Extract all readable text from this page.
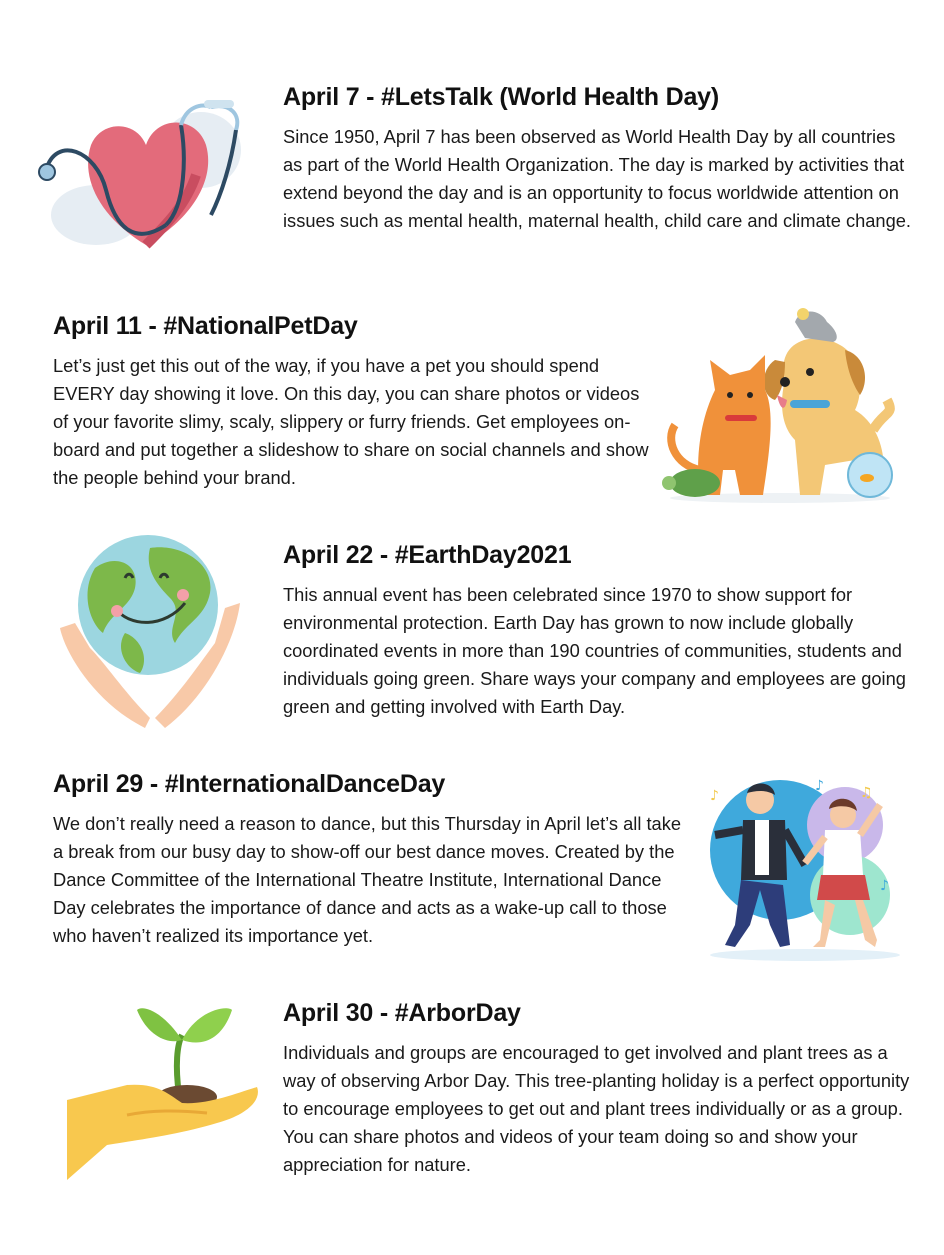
April 7 - #LetsTalk (World Health Day)

Since 1950, April 7 has been observed as World Health Day by all countries as part of the World Health Organization. The day is marked by activities that extend beyond the day and is an opportunity to focus worldwide attention on issues such as mental health, maternal health, child care and climate change.

April 11 - #NationalPetDay

Let’s just get this out of the way, if you have a pet you should spend EVERY day showing it love. On this day, you can share photos or videos of your favorite slimy, scaly, slippery or furry friends. Get employees on-board and put together a slideshow to share on social channels and show the people behind your brand.

April 22 - #EarthDay2021

This annual event has been celebrated since 1970 to show support for environmental protection. Earth Day has grown to now include globally coordinated events in more than 190 countries of communities, students and individuals going green. Share ways your company and employees are going green and getting involved with Earth Day.

April 29 - #InternationalDanceDay

We don’t really need a reason to dance, but this Thursday in April let’s all take a break from our busy day to show-off our best dance moves. Created by the Dance Committee of the International Theatre Institute, International Dance Day celebrates the importance of dance and acts as a wake-up call to those who haven’t realized its importance yet.

♪
♪
♪
♫
April 30 - #ArborDay

Individuals and groups are encouraged to get involved and plant trees as a way of observing Arbor Day. This tree-planting holiday is a perfect opportunity to encourage employees to get out and plant trees individually or as a group. You can share photos and videos of your team doing so and show your appreciation for nature.
